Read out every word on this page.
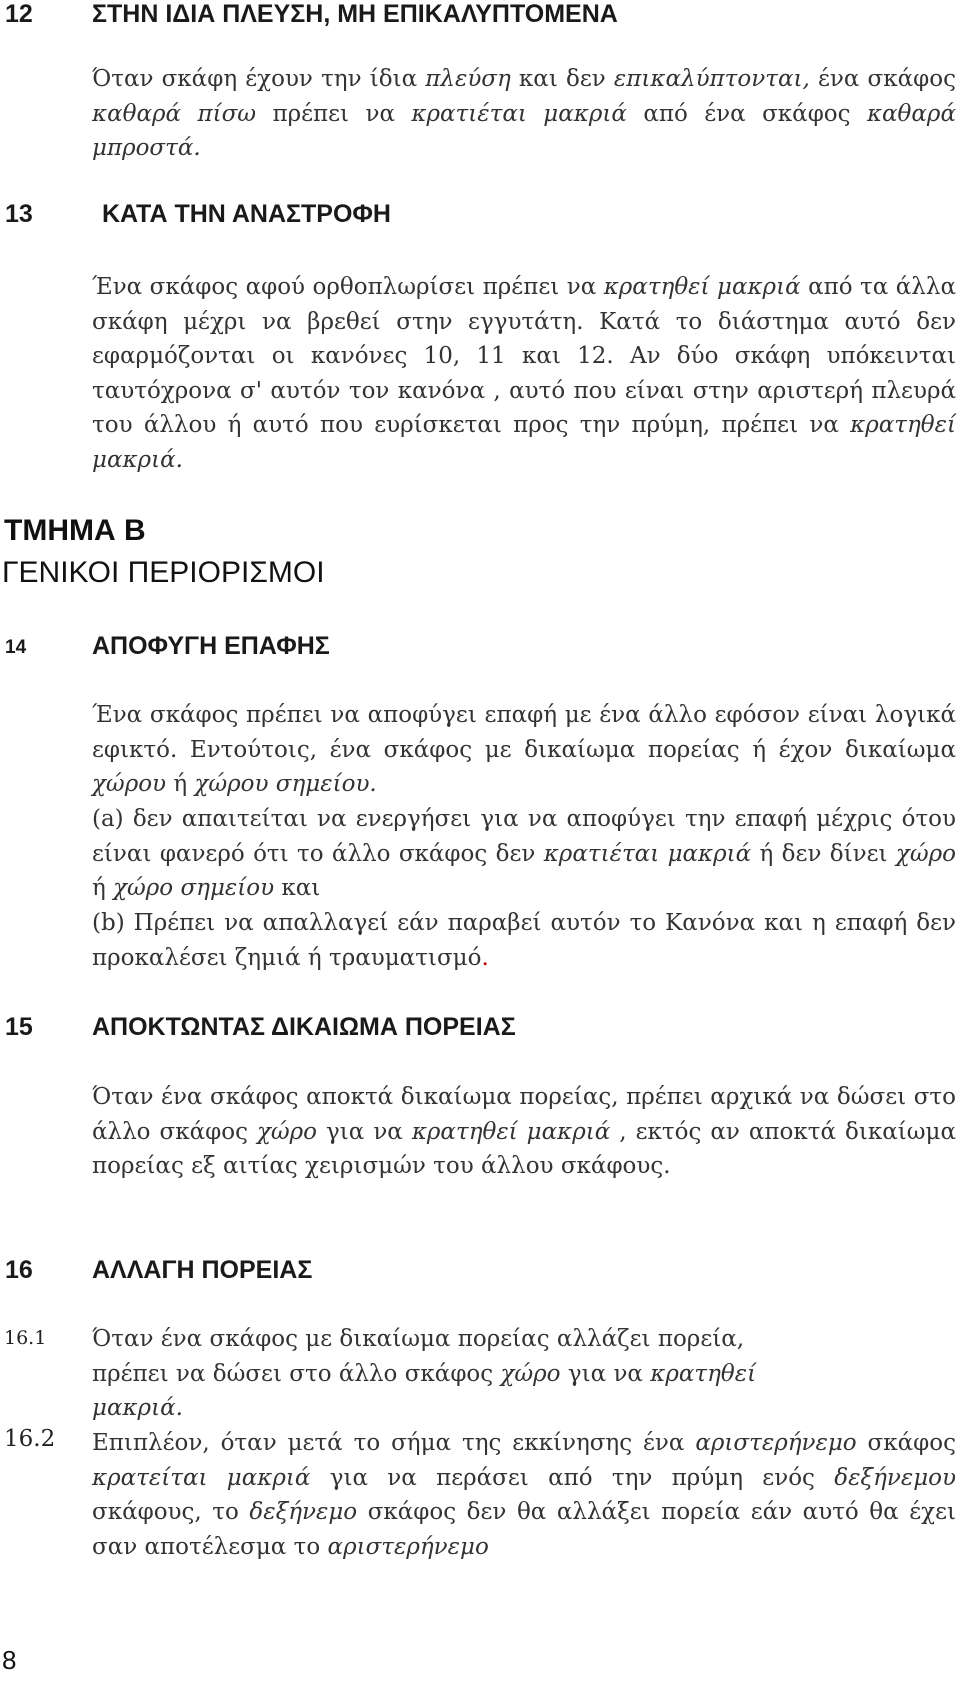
12 ΣΤΗΝ ΙΔΙΑ ΠΛΕΥΣΗ, ΜΗ ΕΠΙΚΑΛΥΠΤΟΜΕΝΑ
Όταν σκάφη έχουν την ίδια πλεύση και δεν επικαλύπτονται, ένα σκάφος καθαρά πίσω πρέπει να κρατιέται μακριά από ένα σκάφος καθαρά μπροστά.
13	ΚΑΤΑ ΤΗΝ ΑΝΑΣΤΡΟΦΗ
Ένα σκάφος αφού ορθοπλωρίσει πρέπει να κρατηθεί μακριά από τα άλλα σκάφη μέχρι να βρεθεί στην εγγυτάτη. Κατά το διάστημα αυτό δεν εφαρμόζονται οι κανόνες 10, 11 και 12. Αν δύο σκάφη υπόκεινται ταυτόχρονα σ' αυτόν τον κανόνα , αυτό που είναι στην αριστερή πλευρά του άλλου ή αυτό που ευρίσκεται προς την πρύμη, πρέπει να κρατηθεί μακριά.
ΤΜΗΜΑ B
ΓΕΝΙΚΟΙ ΠΕΡΙΟΡΙΣΜΟΙ
14	ΑΠΟΦΥΓΗ ΕΠΑΦΗΣ
Ένα σκάφος πρέπει να αποφύγει επαφή με ένα άλλο εφόσον είναι λογικά εφικτό. Εντούτοις, ένα σκάφος με δικαίωμα πορείας ή έχον δικαίωμα χώρου ή χώρου σημείου.
(a) δεν απαιτείται να ενεργήσει για να αποφύγει την επαφή μέχρις ότου είναι φανερό ότι το άλλο σκάφος δεν κρατιέται μακριά ή δεν δίνει χώρο ή χώρο σημείου και
(b) Πρέπει να απαλλαγεί εάν παραβεί αυτόν το Κανόνα και η επαφή δεν προκαλέσει ζημιά ή τραυματισμό.
15 ΑΠΟΚΤΩΝΤΑΣ ΔΙΚΑΙΩΜΑ ΠΟΡΕΙΑΣ
Όταν ένα σκάφος αποκτά δικαίωμα πορείας, πρέπει αρχικά να δώσει στο άλλο σκάφος χώρο για να κρατηθεί μακριά , εκτός αν αποκτά δικαίωμα πορείας εξ αιτίας χειρισμών του άλλου σκάφους.
16 ΑΛΛΑΓΗ ΠΟΡΕΙΑΣ
16.1 Όταν ένα σκάφος με δικαίωμα πορείας αλλάζει πορεία,
πρέπει να δώσει στο άλλο σκάφος χώρο για να κρατηθεί
μακριά.
16.2 Επιπλέον, όταν μετά το σήμα της εκκίνησης ένα αριστερήνεμο σκάφος κρατείται μακριά για να περάσει από την πρύμη ενός δεξήνεμου σκάφους, το δεξήνεμο σκάφος δεν θα αλλάξει πορεία εάν αυτό θα έχει σαν αποτέλεσμα το αριστερήνεμο
8
